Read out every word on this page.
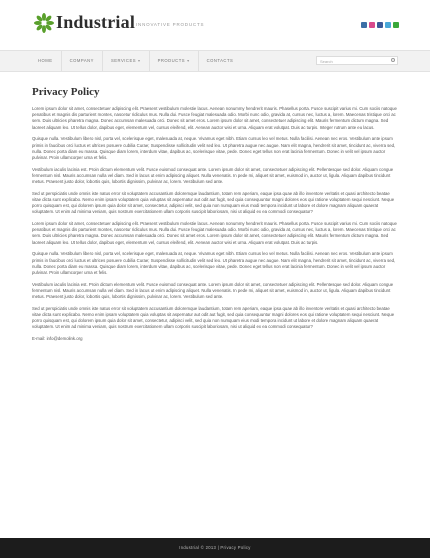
Industrial INNOVATIVE PRODUCTS
HOME	COMPANY	SERVICES ▾	PRODUCTS ▾	CONTACTS	Search
Privacy Policy

Lorem ipsum dolor sit amet, consectetuer adipiscing elit. Praesent vestibulum molestie lacus. Aenean nonummy hendrerit mauris. Phasellus porta. Fusce suscipit varius mi. Cum sociis natoque penatibus et magnis dis parturient montes, nascetur ridiculus mus. Nulla dui. Fusce feugiat malesuada odio. Morbi nunc odio, gravida at, cursus nec, luctus a, lorem. Maecenas tristique orci ac sem. Duis ultricies pharetra magna. Donec accumsan malesuada orci. Donec sit amet eros. Lorem ipsum dolor sit amet, consectetuer adipiscing elit. Mauris fermentum dictum magna. Sed laoreet aliquam leo. Ut tellus dolor, dapibus eget, elementum vel, cursus eleifend, elit. Aenean auctor wisi et urna. Aliquam erat volutpat. Duis ac turpis. Integer rutrum ante eu lacus.

Quisque nulla. Vestibulum libero nisl, porta vel, scelerisque eget, malesuada at, neque. Vivamus eget nibh. Etiam cursus leo vel metus. Nulla facilisi. Aenean nec eros. Vestibulum ante ipsum primis in faucibus orci luctus et ultrices posuere cubilia Curae; Suspendisse sollicitudin velit sed leo. Ut pharetra augue nec augue. Nam elit magna, hendrerit sit amet, tincidunt ac, viverra sed, nulla. Donec porta diam eu massa. Quisque diam lorem, interdum vitae, dapibus ac, scelerisque vitae, pede. Donec eget tellus non erat lacinia fermentum. Donec in velit vel ipsum auctor pulvinar. Proin ullamcorper urna et felis.

Vestibulum iaculis lacinia est. Proin dictum elementum velit. Fusce euismod consequat ante. Lorem ipsum dolor sit amet, consectetuer adipiscing elit. Pellentesque sed dolor. Aliquam congue fermentum nisl. Mauris accumsan nulla vel diam. Sed in lacus ut enim adipiscing aliquet. Nulla venenatis. In pede mi, aliquet sit amet, euismod in, auctor ut, ligula. Aliquam dapibus tincidunt metus. Praesent justo dolor, lobortis quis, lobortis dignissim, pulvinar ac, lorem. Vestibulum sed ante.

Sed ut perspiciatis unde omnis iste natus error sit voluptatem accusantium doloremque laudantium, totam rem aperiam, eaque ipsa quae ab illo inventore veritatis et quasi architecto beatae vitae dicta sunt explicabo. Nemo enim ipsam voluptatem quia voluptas sit aspernatur aut odit aut fugit, sed quia consequuntur magni dolores eos qui ratione voluptatem sequi nesciunt. Neque porro quisquam est, qui dolorem ipsum quia dolor sit amet, consectetur, adipisci velit, sed quia non numquam eius modi tempora incidunt ut labore et dolore magnam aliquam quaerat voluptatem. Ut enim ad minima veniam, quis nostrum exercitationem ullam corporis suscipit laboriosam, nisi ut aliquid ex ea commodi consequatur?

Lorem ipsum dolor sit amet, consectetuer adipiscing elit. Praesent vestibulum molestie lacus. Aenean nonummy hendrerit mauris. Phasellus porta. Fusce suscipit varius mi. Cum sociis natoque penatibus et magnis dis parturient montes, nascetur ridiculus mus. Nulla dui. Fusce feugiat malesuada odio. Morbi nunc odio, gravida at, cursus nec, luctus a, lorem. Maecenas tristique orci ac sem. Duis ultricies pharetra magna. Donec accumsan malesuada orci. Donec sit amet eros. Lorem ipsum dolor sit amet, consectetuer adipiscing elit. Mauris fermentum dictum magna. Sed laoreet aliquam leo. Ut tellus dolor, dapibus eget, elementum vel, cursus eleifend, elit. Aenean auctor wisi et urna. Aliquam erat volutpat. Duis ac turpis.

Quisque nulla. Vestibulum libero nisl, porta vel, scelerisque eget, malesuada at, neque. Vivamus eget nibh. Etiam cursus leo vel metus. Nulla facilisi. Aenean nec eros. Vestibulum ante ipsum primis in faucibus orci luctus et ultrices posuere cubilia Curae; Suspendisse sollicitudin velit sed leo. Ut pharetra augue nec augue. Nam elit magna, hendrerit sit amet, tincidunt ac, viverra sed, nulla. Donec porta diam eu massa. Quisque diam lorem, interdum vitae, dapibus ac, scelerisque vitae, pede. Donec eget tellus non erat lacinia fermentum. Donec in velit vel ipsum auctor pulvinar. Proin ullamcorper urna et felis.

Vestibulum iaculis lacinia est. Proin dictum elementum velit. Fusce euismod consequat ante. Lorem ipsum dolor sit amet, consectetuer adipiscing elit. Pellentesque sed dolor. Aliquam congue fermentum nisl. Mauris accumsan nulla vel diam. Sed in lacus ut enim adipiscing aliquet. Nulla venenatis. In pede mi, aliquet sit amet, euismod in, auctor ut, ligula. Aliquam dapibus tincidunt metus. Praesent justo dolor, lobortis quis, lobortis dignissim, pulvinar ac, lorem. Vestibulum sed ante.

Sed ut perspiciatis unde omnis iste natus error sit voluptatem accusantium doloremque laudantium, totam rem aperiam, eaque ipsa quae ab illo inventore veritatis et quasi architecto beatae vitae dicta sunt explicabo. Nemo enim ipsam voluptatem quia voluptas sit aspernatur aut odit aut fugit, sed quia consequuntur magni dolores eos qui ratione voluptatem sequi nesciunt. Neque porro quisquam est, qui dolorem ipsum quia dolor sit amet, consectetur, adipisci velit, sed quia non numquam eius modi tempora incidunt ut labore et dolore magnam aliquam quaerat voluptatem. Ut enim ad minima veniam, quis nostrum exercitationem ullam corporis suscipit laboriosam, nisi ut aliquid ex ea commodi consequatur?

E-mail: info@demolink.org
Industrial © 2013 | Privacy Policy
